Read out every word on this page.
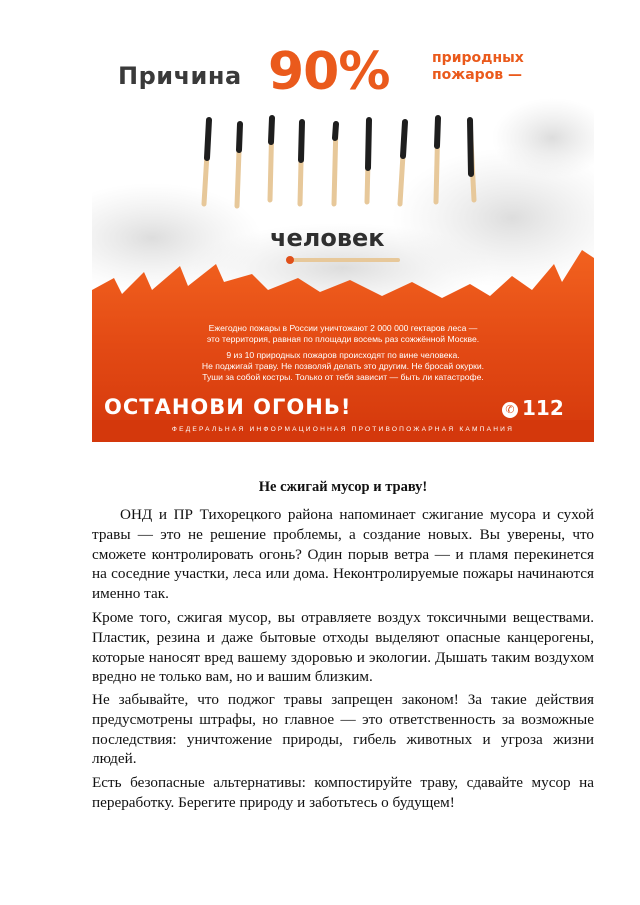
Причина 90%	природных
пожаров —
человек
Ежегодно пожары в России уничтожают 2 000 000 гектаров леса —
это территория, равная по площади восемь раз сожжённой Москве.
9 из 10 природных пожаров происходят по вине человека.
Не поджигай траву. Не позволяй делать это другим. Не бросай окурки.
Туши за собой костры. Только от тебя зависит — быть ли катастрофе.
ОСТАНОВИ ОГОНЬ!	✆ 112
ФЕДЕРАЛЬНАЯ ИНФОРМАЦИОННАЯ ПРОТИВОПОЖАРНАЯ КАМПАНИЯ
Не сжигай мусор и траву!
ОНД и ПР Тихорецкого района напоминает сжигание мусора и сухой травы — это не решение проблемы, а создание новых. Вы уверены, что сможете контролировать огонь? Один порыв ветра — и пламя перекинется на соседние участки, леса или дома. Неконтролируемые пожары начинаются именно так.
Кроме того, сжигая мусор, вы отравляете воздух токсичными веществами. Пластик, резина и даже бытовые отходы выделяют опасные канцерогены, которые наносят вред вашему здоровью и экологии. Дышать таким воздухом вредно не только вам, но и вашим близким.
Не забывайте, что поджог травы запрещен законом! За такие действия предусмотрены штрафы, но главное — это ответственность за возможные последствия: уничтожение природы, гибель животных и угроза жизни людей.
Есть безопасные альтернативы: компостируйте траву, сдавайте мусор на переработку. Берегите природу и заботьтесь о будущем!
